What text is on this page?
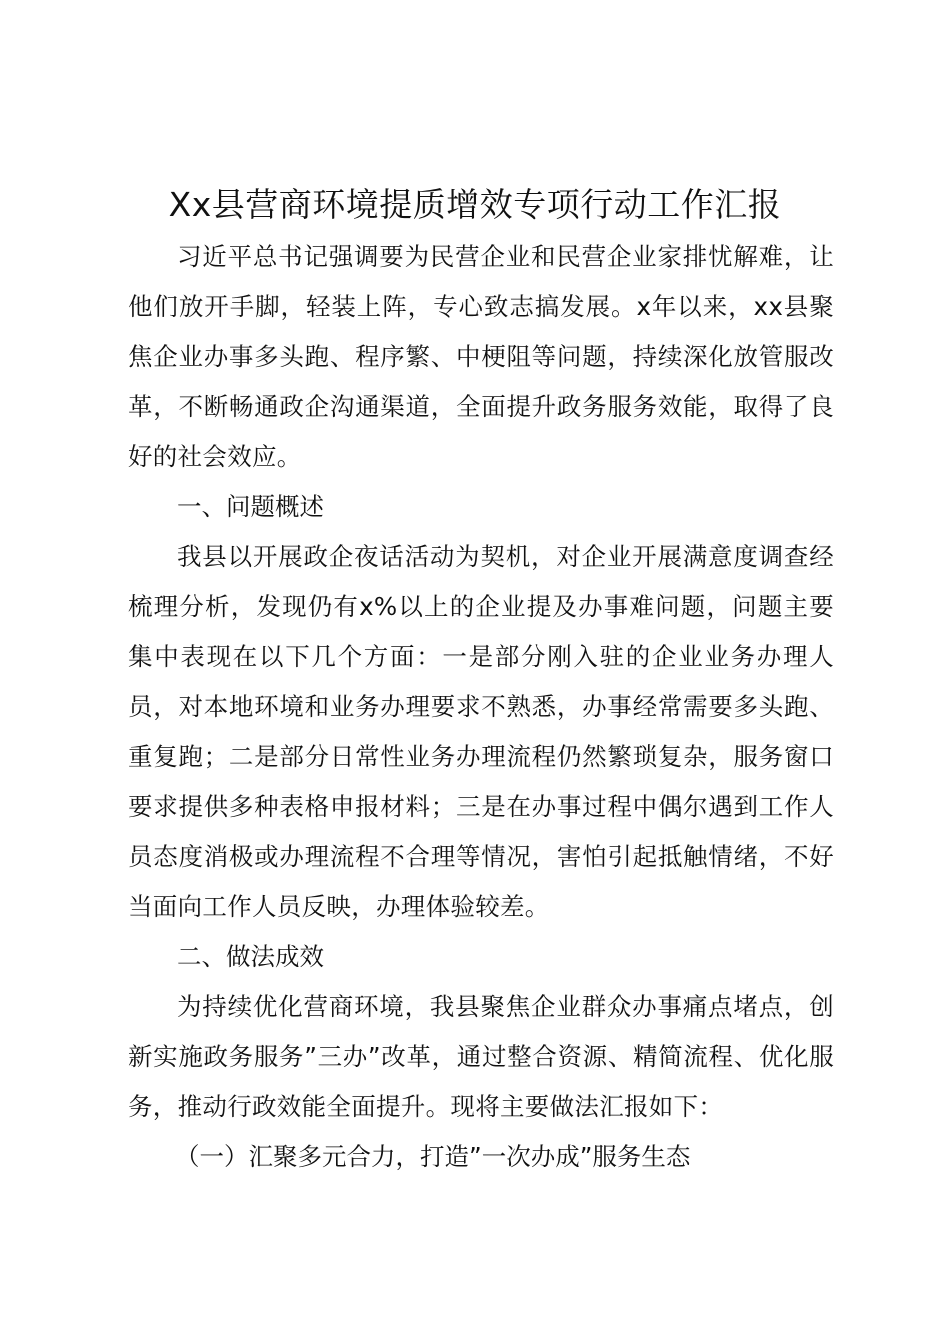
Xx县营商环境提质增效专项行动工作汇报

习近平总书记强调要为民营企业和民营企业家排忧解难，让他们放开手脚，轻装上阵，专心致志搞发展。x年以来，xx县聚焦企业办事多头跑、程序繁、中梗阻等问题，持续深化放管服改革，不断畅通政企沟通渠道，全面提升政务服务效能，取得了良好的社会效应。

一、问题概述

我县以开展政企夜话活动为契机，对企业开展满意度调查经梳理分析，发现仍有x%以上的企业提及办事难问题，问题主要集中表现在以下几个方面：一是部分刚入驻的企业业务办理人员，对本地环境和业务办理要求不熟悉，办事经常需要多头跑、重复跑；二是部分日常性业务办理流程仍然繁琐复杂，服务窗口要求提供多种表格申报材料；三是在办事过程中偶尔遇到工作人员态度消极或办理流程不合理等情况，害怕引起抵触情绪，不好当面向工作人员反映，办理体验较差。

二、做法成效

为持续优化营商环境，我县聚焦企业群众办事痛点堵点，创新实施政务服务”三办”改革，通过整合资源、精简流程、优化服务，推动行政效能全面提升。现将主要做法汇报如下：

（一）汇聚多元合力，打造”一次办成”服务生态
